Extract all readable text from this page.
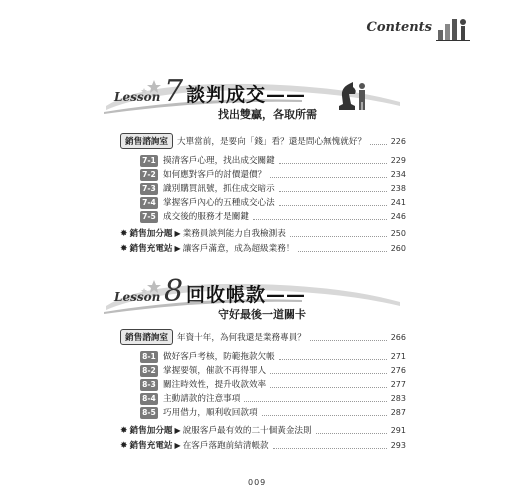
Contents
Lesson 7 談判成交——
找出雙贏，各取所需
銷售諮詢室 大單當前，是要向「錢」看？還是問心無愧就好？	226
7-1 摸清客戶心理，找出成交關鍵	229
7-2 如何應對客戶的討價還價？	234
7-3 識別購買訊號，抓住成交暗示	238
7-4 掌握客戶內心的五種成交心法	241
7-5 成交後的服務才是關鍵	246
✸ 銷售加分題 ▶ 業務員談判能力自我檢測表	250
✸ 銷售充電站 ▶ 讓客戶滿意，成為超級業務！	260
Lesson 8 回收帳款——
守好最後一道關卡
銷售諮詢室 年資十年，為何我還是業務專員？	266
8-1 做好客戶考核，防範拖款欠帳	271
8-2 掌握要領，催款不再得罪人	276
8-3 關注時效性，提升收款效率	277
8-4 主動請款的注意事項	283
8-5 巧用借力，順利收回款項	287
✸ 銷售加分題 ▶ 說服客戶最有效的二十個黃金法則	291
✸ 銷售充電站 ▶ 在客戶落跑前結清帳款	293
009
